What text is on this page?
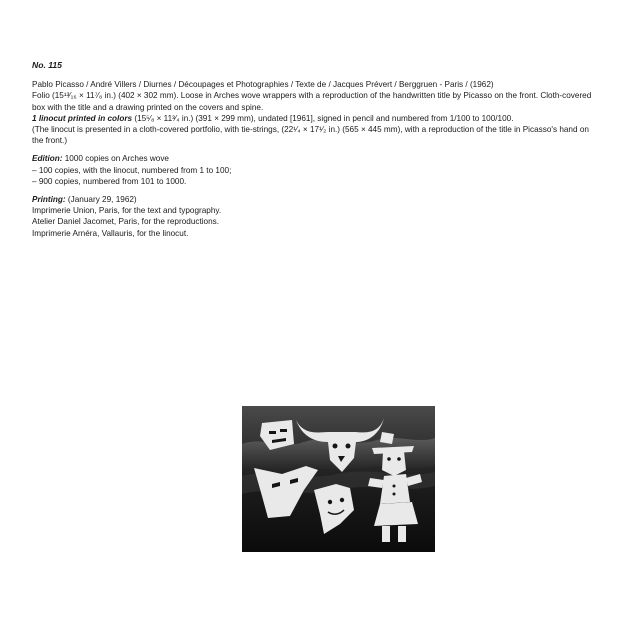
No. 115

Pablo Picasso / André Villers / Diurnes / Découpages et Photographies / Texte de / Jacques Prévert / Berggruen - Paris / (1962)

Folio (15¹³⁄₁₆ × 11⁷⁄₈ in.) (402 × 302 mm). Loose in Arches wove wrappers with a reproduction of the handwritten title by Picasso on the front. Cloth-covered box with the title and a drawing printed on the covers and spine.

1 linocut printed in colors (15⁵⁄₈ × 11³⁄₄ in.) (391 × 299 mm), undated [1961], signed in pencil and numbered from 1/100 to 100/100.

(The linocut is presented in a cloth-covered portfolio, with tie-strings, (22¹⁄₄ × 17¹⁄₂ in.) (565 × 445 mm), with a reproduction of the title in Picasso's hand on the front.)

Edition: 1000 copies on Arches wove

– 100 copies, with the linocut, numbered from 1 to 100;

– 900 copies, numbered from 101 to 1000.

Printing: (January 29, 1962)

Imprimerie Union, Paris, for the text and typography.

Atelier Daniel Jacomet, Paris, for the reproductions.

Imprimerie Arnéra, Vallauris, for the linocut.
